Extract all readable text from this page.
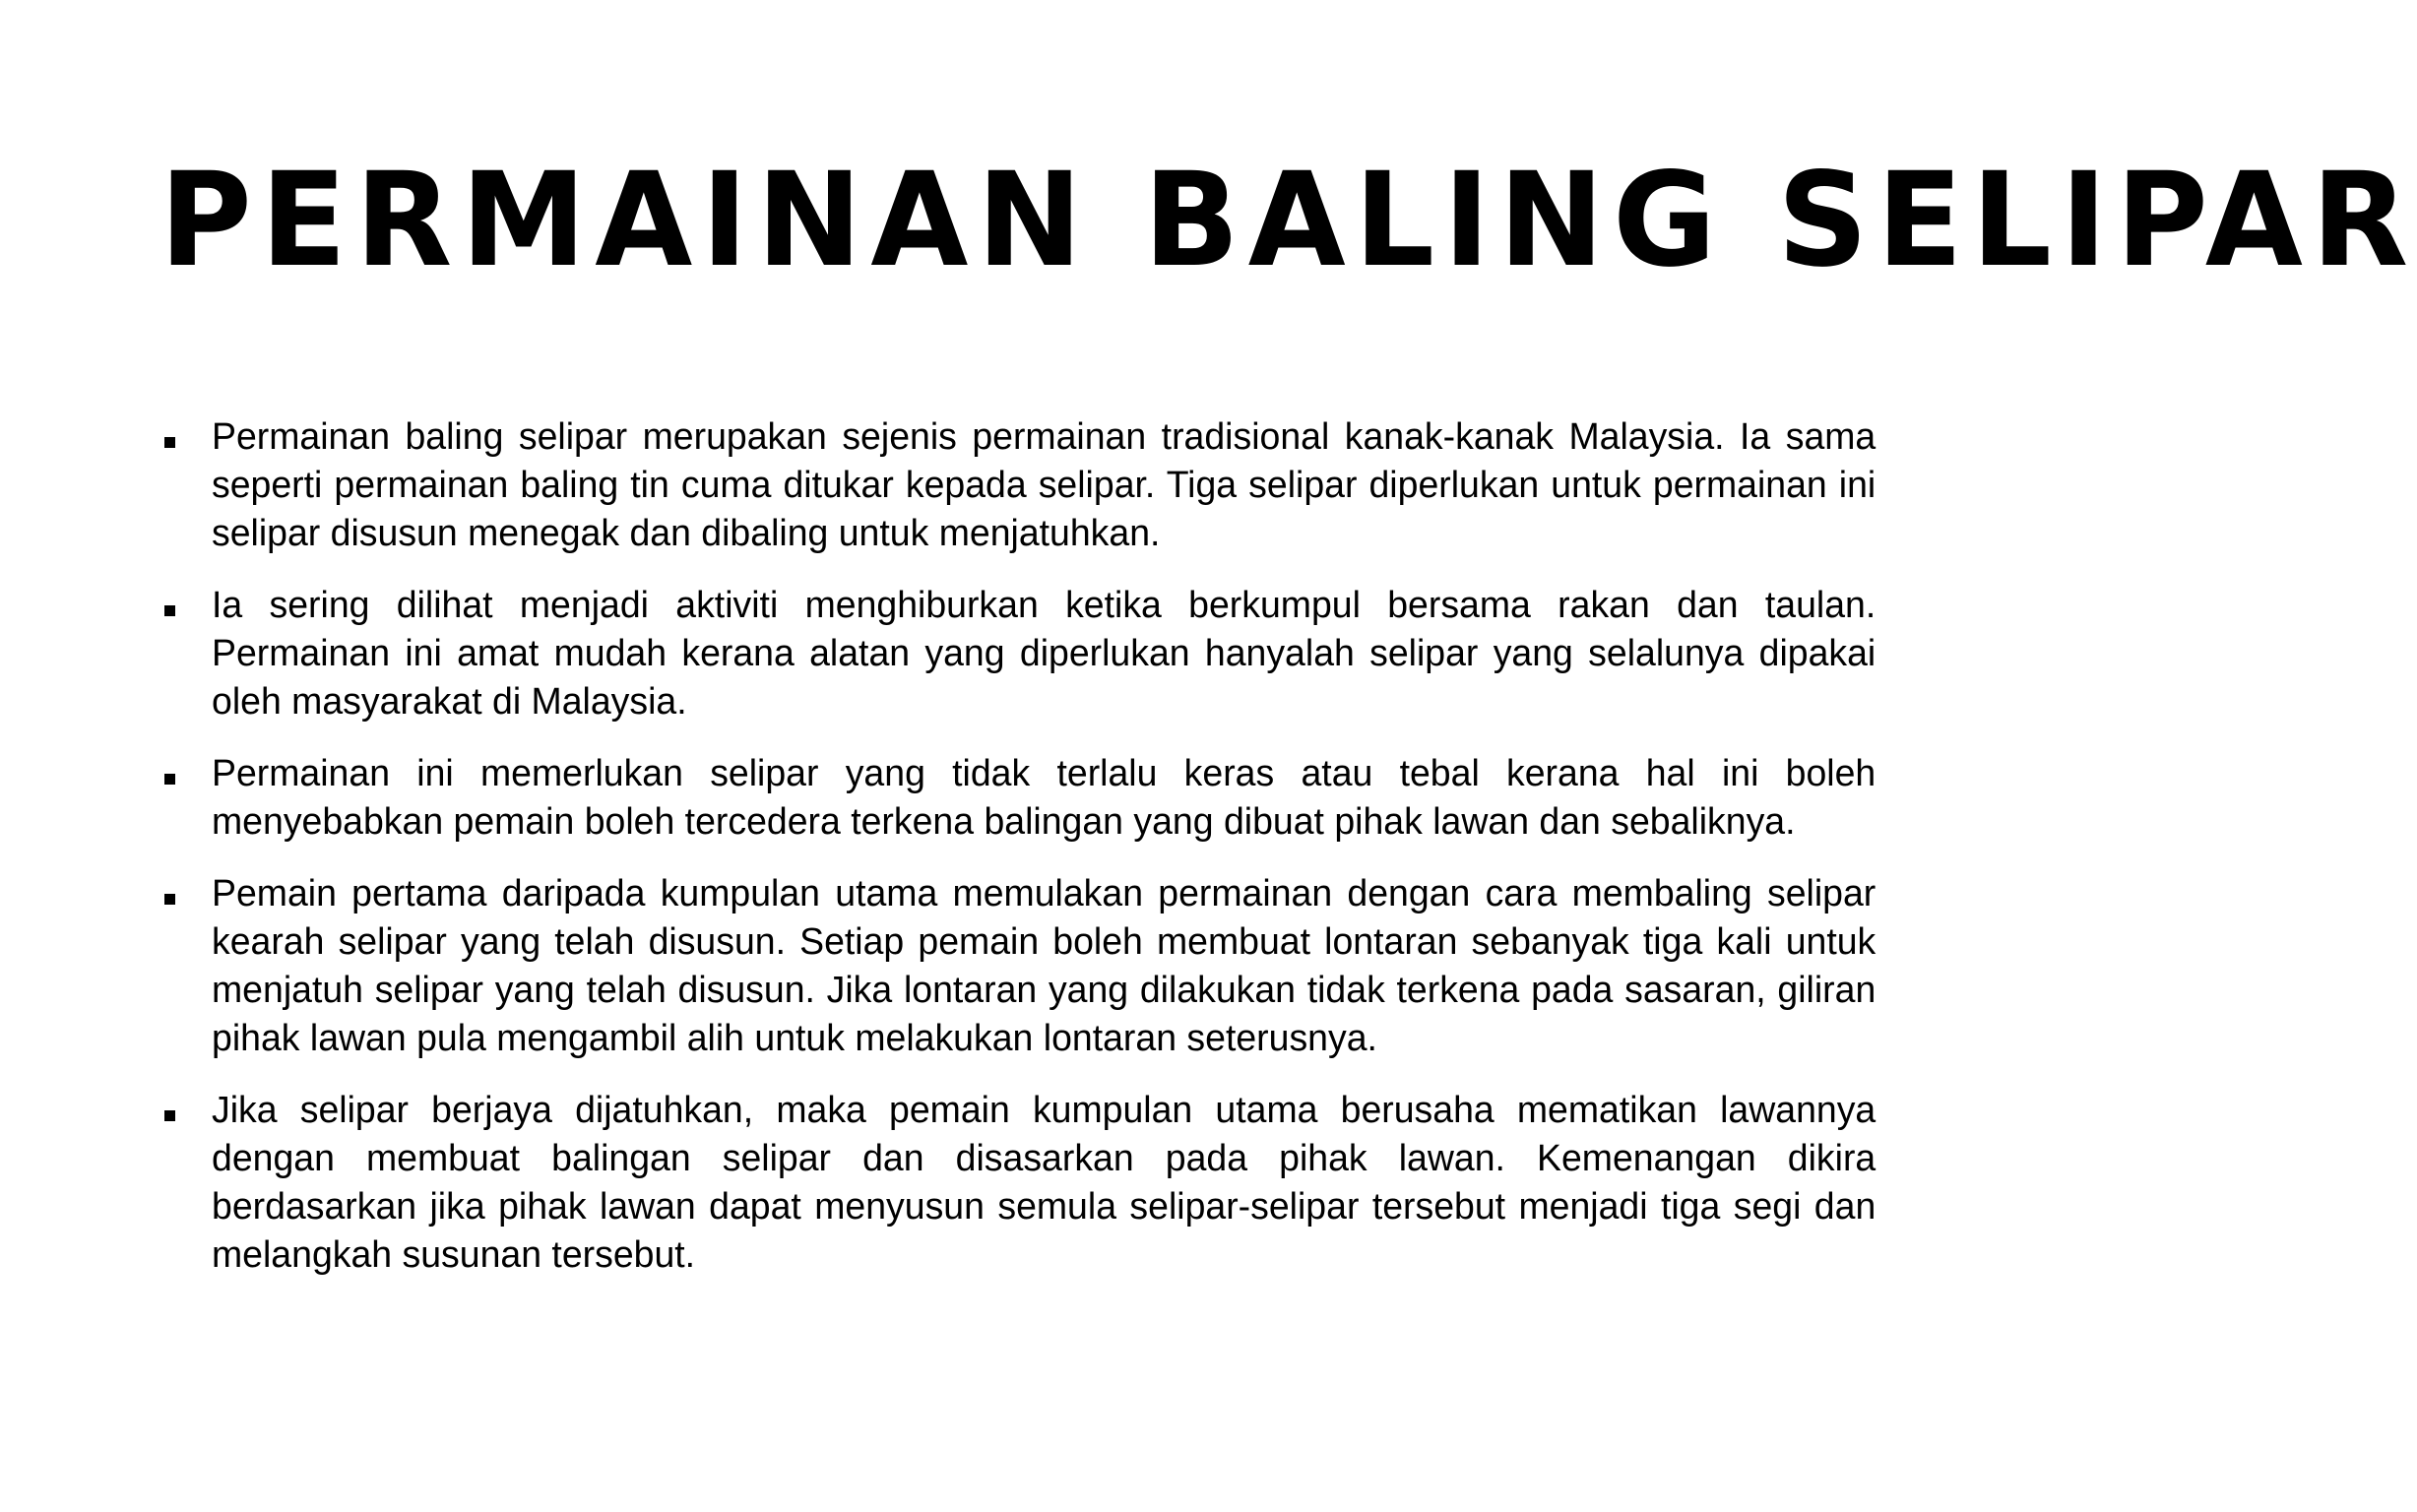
PERMAINAN BALING SELIPAR
Permainan baling selipar merupakan sejenis permainan tradisional kanak-kanak Malaysia. Ia sama seperti permainan baling tin cuma ditukar kepada selipar. Tiga selipar diperlukan untuk permainan ini selipar disusun menegak dan dibaling untuk menjatuhkan.
Ia sering dilihat menjadi aktiviti menghiburkan ketika berkumpul bersama rakan dan taulan. Permainan ini amat mudah kerana alatan yang diperlukan hanyalah selipar yang selalunya dipakai oleh masyarakat di Malaysia.
Permainan ini memerlukan selipar yang tidak terlalu keras atau tebal kerana hal ini boleh menyebabkan pemain boleh tercedera terkena balingan yang dibuat pihak lawan dan sebaliknya.
Pemain pertama daripada kumpulan utama memulakan permainan dengan cara membaling selipar kearah selipar yang telah disusun. Setiap pemain boleh membuat lontaran sebanyak tiga kali untuk menjatuh selipar yang telah disusun. Jika lontaran yang dilakukan tidak terkena pada sasaran, giliran pihak lawan pula mengambil alih untuk melakukan lontaran seterusnya.
Jika selipar berjaya dijatuhkan, maka pemain kumpulan utama berusaha mematikan lawannya dengan membuat balingan selipar dan disasarkan pada pihak lawan. Kemenangan dikira berdasarkan jika pihak lawan dapat menyusun semula selipar-selipar tersebut menjadi tiga segi dan melangkah susunan tersebut.
